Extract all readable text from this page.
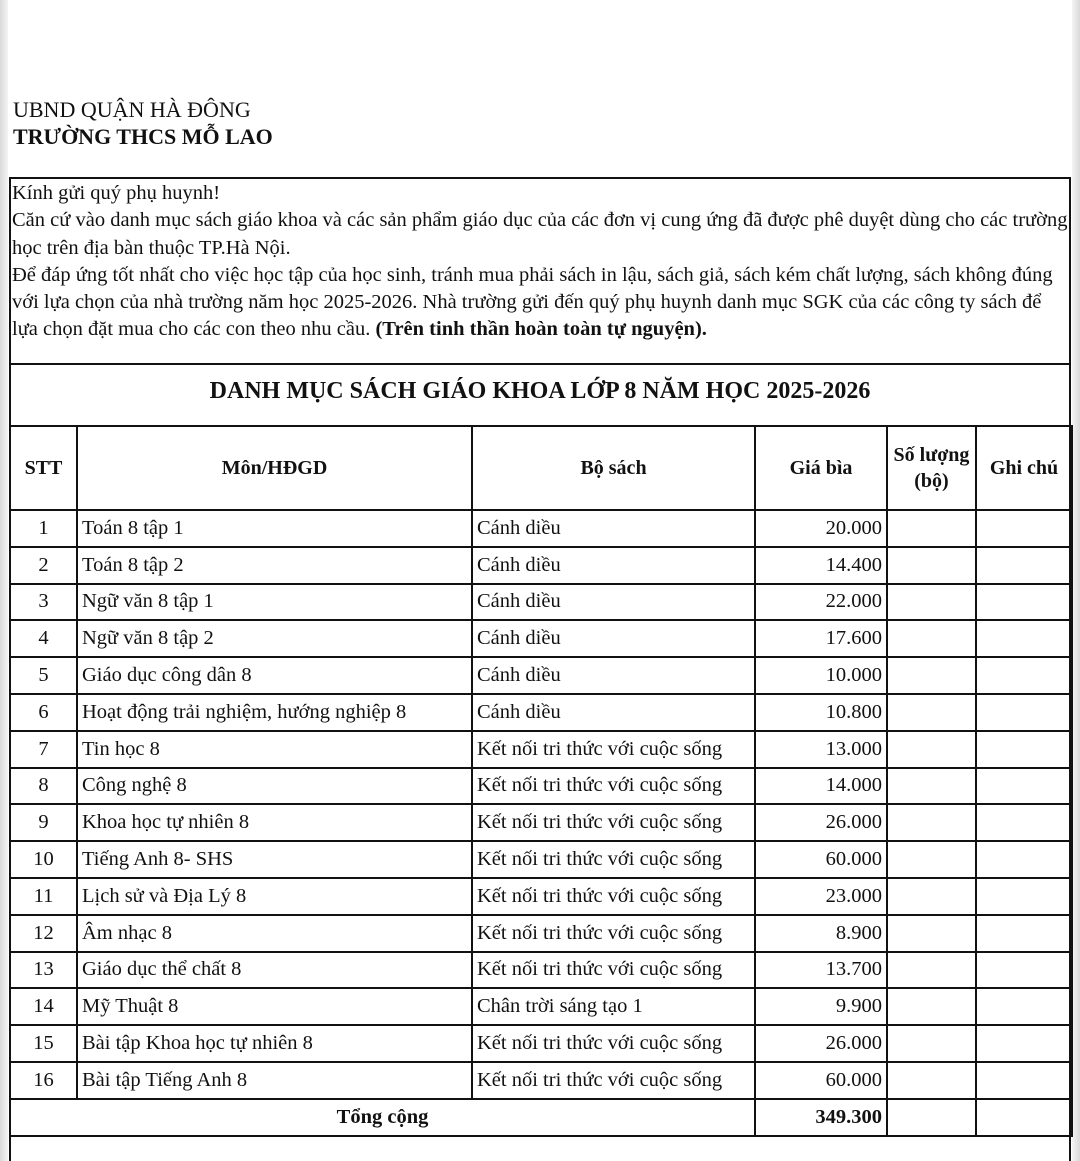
UBND QUẬN HÀ ĐÔNG
TRƯỜNG THCS MỖ LAO

Kính gửi quý phụ huynh!

Căn cứ vào danh mục sách giáo khoa và các sản phẩm giáo dục của các đơn vị cung ứng đã được phê duyệt dùng cho các trường học trên địa bàn thuộc TP.Hà Nội.

Để đáp ứng tốt nhất cho việc học tập của học sinh, tránh mua phải sách in lậu, sách giả, sách kém chất lượng, sách không đúng với lựa chọn của nhà trường năm học 2025-2026. Nhà trường gửi đến quý phụ huynh danh mục SGK của các công ty sách để lựa chọn đặt mua cho các con theo nhu cầu. (Trên tinh thần hoàn toàn tự nguyện).

DANH MỤC SÁCH GIÁO KHOA LỚP 8 NĂM HỌC 2025-2026
STT	Môn/HĐGD	Bộ sách	Giá bìa	Số lượng (bộ)	Ghi chú
1	Toán 8 tập 1	Cánh diều	20.000		
2	Toán 8 tập 2	Cánh diều	14.400		
3	Ngữ văn 8 tập 1	Cánh diều	22.000		
4	Ngữ văn 8 tập 2	Cánh diều	17.600		
5	Giáo dục công dân 8	Cánh diều	10.000		
6	Hoạt động trải nghiệm, hướng nghiệp 8	Cánh diều	10.800		
7	Tin học 8	Kết nối tri thức với cuộc sống	13.000		
8	Công nghệ 8	Kết nối tri thức với cuộc sống	14.000		
9	Khoa học tự nhiên 8	Kết nối tri thức với cuộc sống	26.000		
10	Tiếng Anh 8- SHS	Kết nối tri thức với cuộc sống	60.000		
11	Lịch sử và Địa Lý 8	Kết nối tri thức với cuộc sống	23.000		
12	Âm nhạc 8	Kết nối tri thức với cuộc sống	8.900		
13	Giáo dục thể chất 8	Kết nối tri thức với cuộc sống	13.700		
14	Mỹ Thuật 8	Chân trời sáng tạo 1	9.900		
15	Bài tập Khoa học tự nhiên 8	Kết nối tri thức với cuộc sống	26.000		
16	Bài tập Tiếng Anh 8	Kết nối tri thức với cuộc sống	60.000		
Tổng cộng			349.300		
